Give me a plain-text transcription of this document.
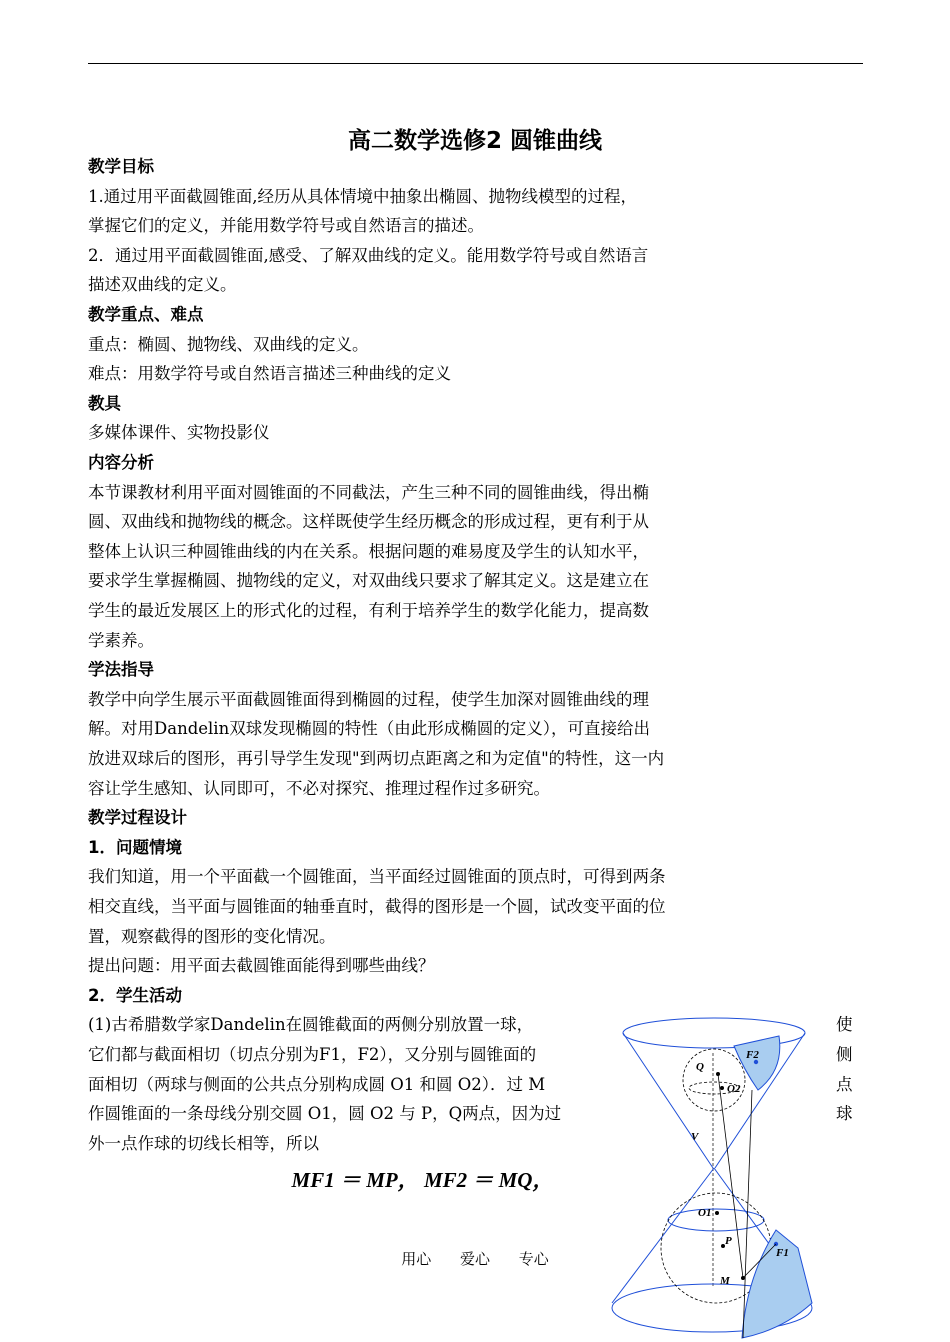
高二数学选修2 圆锥曲线
教学目标
1.通过用平面截圆锥面,经历从具体情境中抽象出椭圆、抛物线模型的过程，
掌握它们的定义，并能用数学符号或自然语言的描述。
2．通过用平面截圆锥面,感受、了解双曲线的定义。能用数学符号或自然语言
描述双曲线的定义。
教学重点、难点
重点：椭圆、抛物线、双曲线的定义。
难点：用数学符号或自然语言描述三种曲线的定义
教具
多媒体课件、实物投影仪
内容分析
本节课教材利用平面对圆锥面的不同截法，产生三种不同的圆锥曲线，得出椭
圆、双曲线和抛物线的概念。这样既使学生经历概念的形成过程，更有利于从
整体上认识三种圆锥曲线的内在关系。根据问题的难易度及学生的认知水平，
要求学生掌握椭圆、抛物线的定义，对双曲线只要求了解其定义。这是建立在
学生的最近发展区上的形式化的过程，有利于培养学生的数学化能力，提高数
学素养。
学法指导
教学中向学生展示平面截圆锥面得到椭圆的过程，使学生加深对圆锥曲线的理
解。对用Dandelin双球发现椭圆的特性（由此形成椭圆的定义），可直接给出
放进双球后的图形，再引导学生发现"到两切点距离之和为定值"的特性，这一内
容让学生感知、认同即可，不必对探究、推理过程作过多研究。
教学过程设计
1．问题情境
我们知道，用一个平面截一个圆锥面，当平面经过圆锥面的顶点时，可得到两条
相交直线，当平面与圆锥面的轴垂直时，截得的图形是一个圆，试改变平面的位
置，观察截得的图形的变化情况。
提出问题：用平面去截圆锥面能得到哪些曲线？
2．学生活动
(1)古希腊数学家Dandelin在圆锥截面的两侧分别放置一球，
它们都与截面相切（切点分别为F1，F2），又分别与圆锥面的
面相切（两球与侧面的公共点分别构成圆 O1 和圆 O2）．过 M
作圆锥面的一条母线分别交圆 O1，圆 O2 与 P，Q两点，因为过
外一点作球的切线长相等，所以
使
侧
点
球
MF1 ＝ MP， MF2 ＝ MQ，
Q
F2
O2
V
O1
P
F1
M
用心 爱心 专心
